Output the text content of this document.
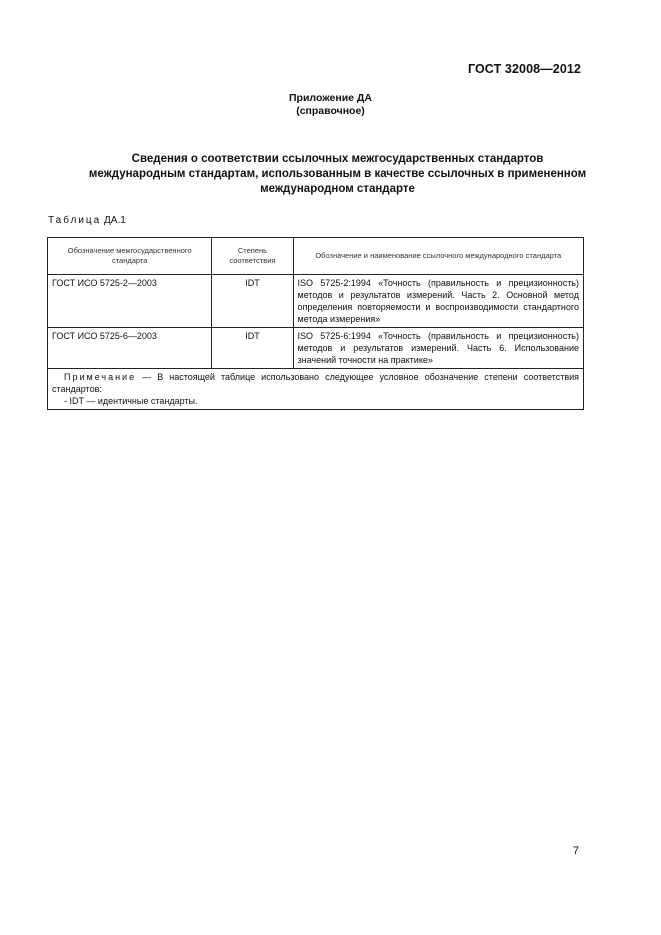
ГОСТ 32008—2012
Приложение ДА
(справочное)
Сведения о соответствии ссылочных межгосударственных стандартов
международным стандартам, использованным в качестве ссылочных в примененном
международном стандарте
Таблица ДА.1
Обозначение межгосударственного стандарта	Степень соответствия	Обозначение и наименование ссылочного международного стандарта
ГОСТ ИСО 5725-2—2003	IDT	ISO 5725-2:1994 «Точность (правильность и прецизионность) методов и результатов измерений. Часть 2. Основной метод определения повторяемости и воспроизводимости стандартного метода измерения»
ГОСТ ИСО 5725-6—2003	IDT	ISO 5725-6:1994 «Точность (правильность и прецизионность) методов и результатов измерений. Часть 6. Использование значений точности на практике»

Примечание — В настоящей таблице использовано следующее условное обозначение степени соответствия стандартов:
- IDT — идентичные стандарты.		
7
